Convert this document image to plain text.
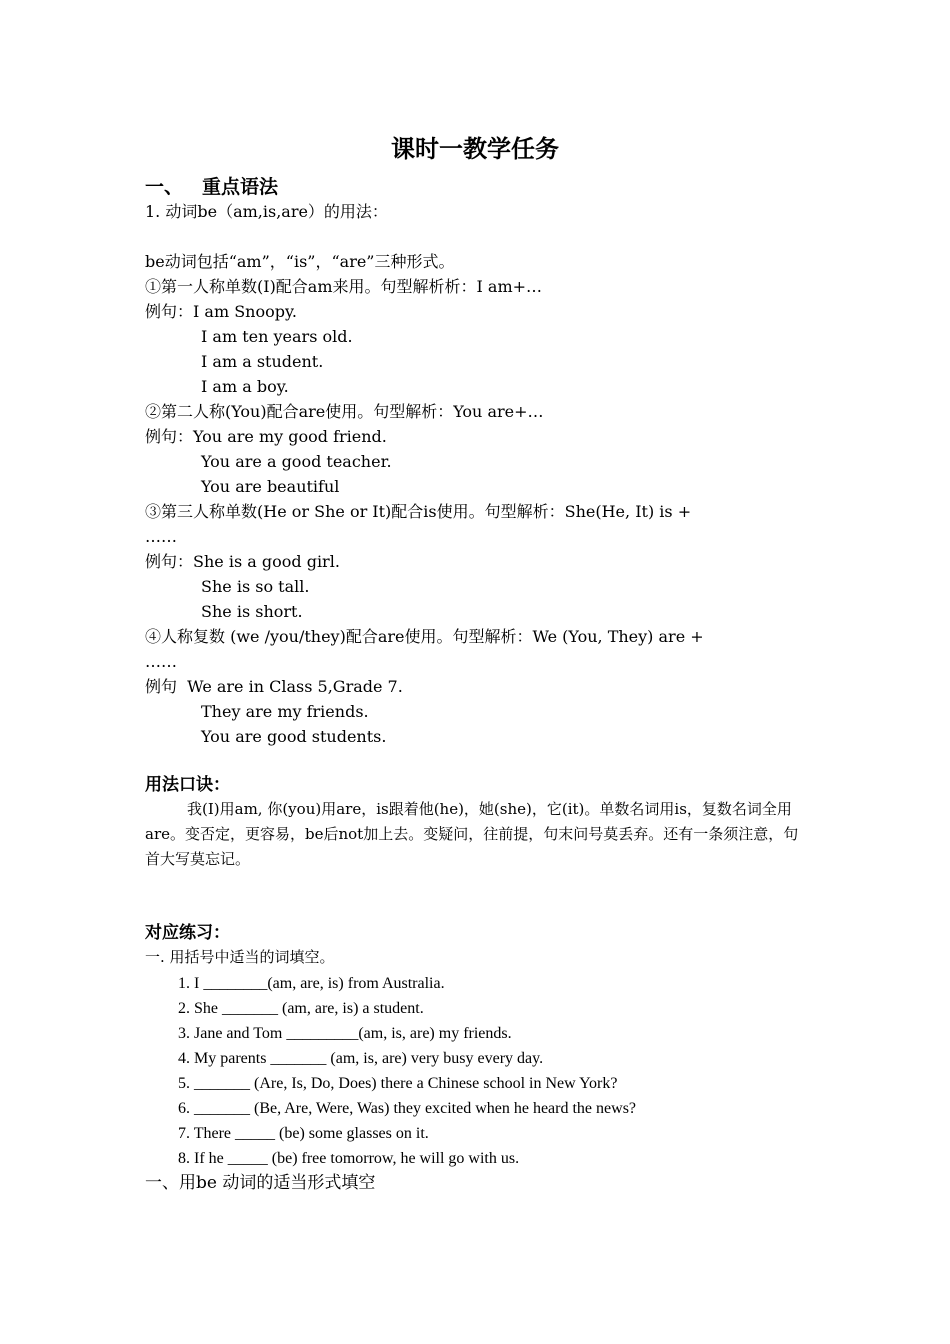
课时一教学任务
一、 重点语法
1. 动词be（am,is,are）的用法：
be动词包括“am”，“is”，“are”三种形式。
①第一人称单数(I)配合am来用。句型解析析：I am+…
例句：I am Snoopy.
I am ten years old.
I am a student.
I am a boy.
②第二人称(You)配合are使用。句型解析：You are+…
例句：You are my good friend.
You are a good teacher.
You are beautiful
③第三人称单数(He or She or It)配合is使用。句型解析：She(He, It) is +
……
例句：She is a good girl.
She is so tall.
She is short.
④人称复数 (we /you/they)配合are使用。句型解析：We (You, They) are +
……
例句  We are in Class 5,Grade 7.
They are my friends.
You are good students.
用法口诀：
我(I)用am, 你(you)用are，is跟着他(he)，她(she)，它(it)。单数名词用is，复数名词全用are。变否定，更容易，be后not加上去。变疑问，往前提，句末问号莫丢弃。还有一条须注意，句首大写莫忘记。
对应练习：
一. 用括号中适当的词填空。
1. I ________(am, are, is) from Australia.
2. She _______ (am, are, is) a student.
3. Jane and Tom _________(am, is, are) my friends.
4. My parents _______ (am, is, are) very busy every day.
5. _______ (Are, Is, Do, Does) there a Chinese school in New York?
6. _______ (Be, Are, Were, Was) they excited when he heard the news?
7. There _____ (be) some glasses on it.
8. If he _____ (be) free tomorrow, he will go with us.
一、用be 动词的适当形式填空
